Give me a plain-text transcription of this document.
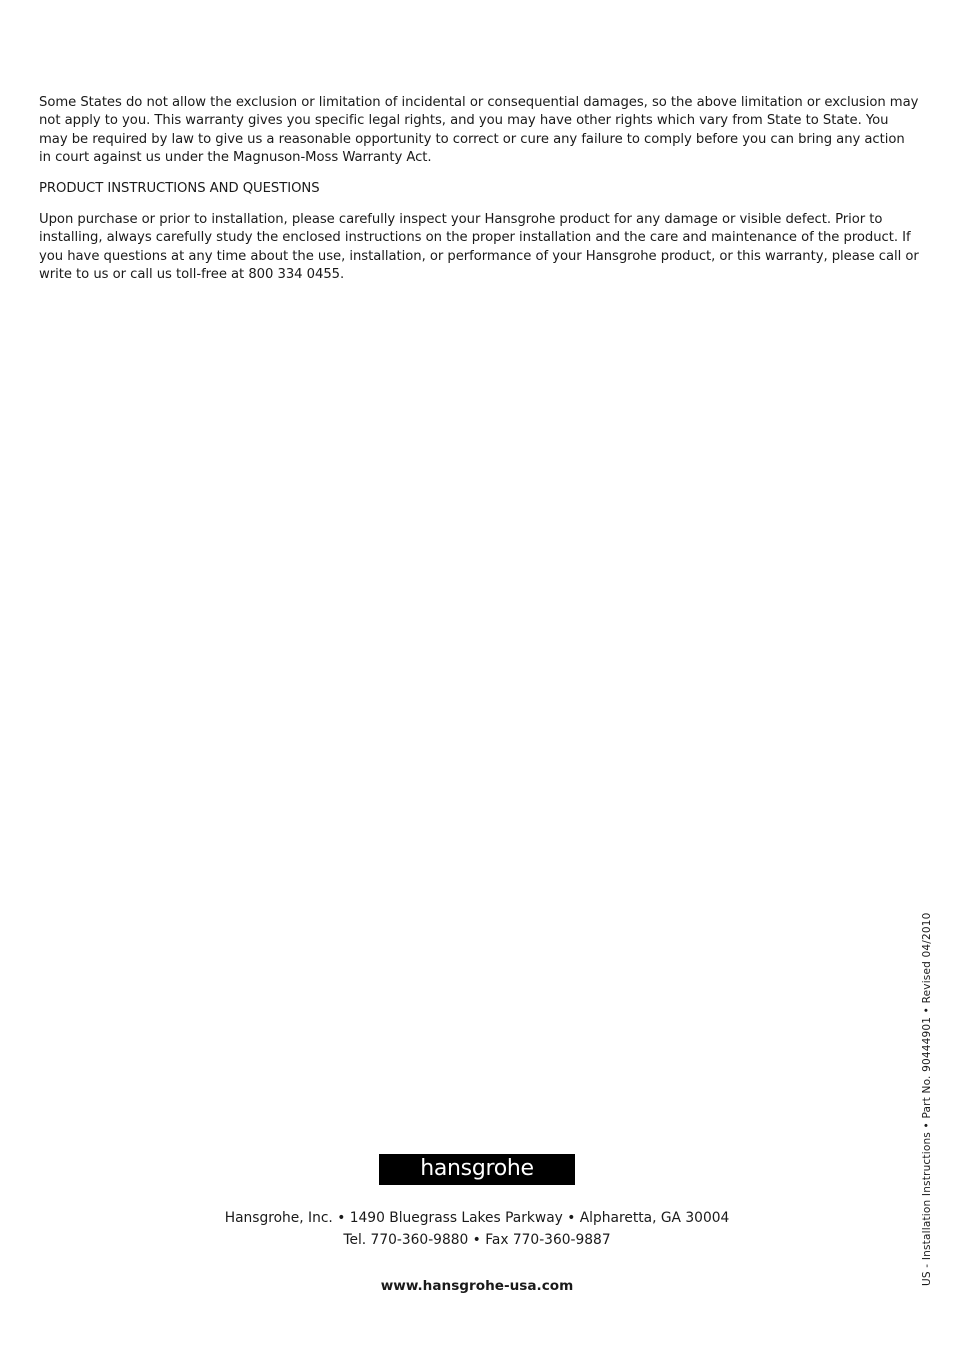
Some States do not allow the exclusion or limitation of incidental or consequential damages, so the above limitation or exclusion may not apply to you. This warranty gives you specific legal rights, and you may have other rights which vary from State to State. You may be required by law to give us a reasonable opportunity to correct or cure any failure to comply before you can bring any action in court against us under the Magnuson-Moss Warranty Act.

PRODUCT INSTRUCTIONS AND QUESTIONS

Upon purchase or prior to installation, please carefully inspect your Hansgrohe product for any damage or visible defect. Prior to installing, always carefully study the enclosed instructions on the proper installation and the care and maintenance of the product. If you have questions at any time about the use, installation, or performance of your Hansgrohe product, or this warranty, please call or write to us or call us toll-free at 800 334 0455.

US - Installation Instructions • Part No. 90444901 • Revised 04/2010
hansgrohe
Hansgrohe, Inc. • 1490 Bluegrass Lakes Parkway • Alpharetta, GA 30004
Tel. 770-360-9880 • Fax 770-360-9887
www.hansgrohe-usa.com
